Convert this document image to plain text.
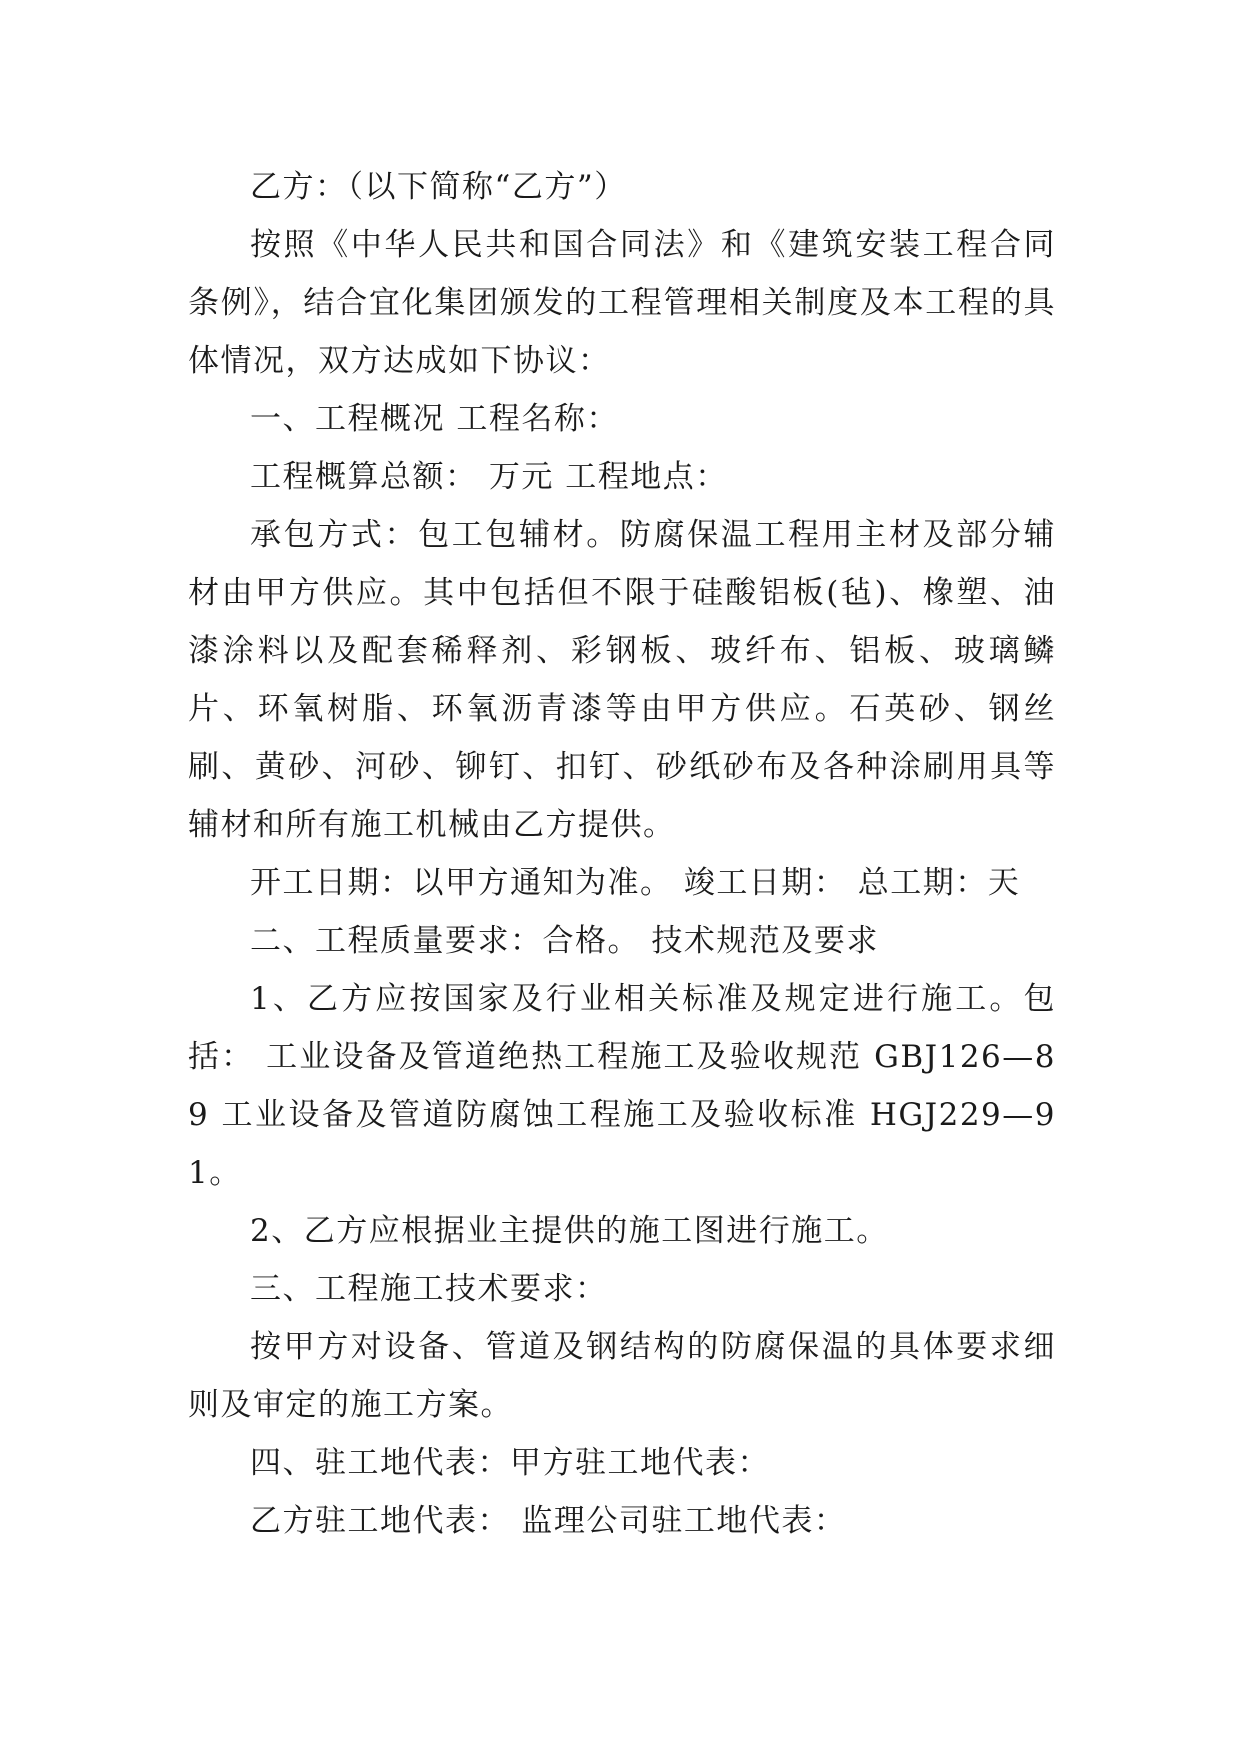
乙方：（以下简称“乙方”）

按照《中华人民共和国合同法》和《建筑安装工程合同条例》，结合宜化集团颁发的工程管理相关制度及本工程的具体情况，双方达成如下协议：

一、工程概况 工程名称：

工程概算总额： 万元 工程地点：

承包方式：包工包辅材。防腐保温工程用主材及部分辅材由甲方供应。其中包括但不限于硅酸铝板(毡)、橡塑、油漆涂料以及配套稀释剂、彩钢板、玻纤布、铝板、玻璃鳞片、环氧树脂、环氧沥青漆等由甲方供应。石英砂、钢丝刷、黄砂、河砂、铆钉、扣钉、砂纸砂布及各种涂刷用具等辅材和所有施工机械由乙方提供。

开工日期：以甲方通知为准。 竣工日期： 总工期：天

二、工程质量要求：合格。 技术规范及要求

1、乙方应按国家及行业相关标准及规定进行施工。包括： 工业设备及管道绝热工程施工及验收规范 GBJ126—89 工业设备及管道防腐蚀工程施工及验收标准 HGJ229—91。

2、乙方应根据业主提供的施工图进行施工。

三、工程施工技术要求：

按甲方对设备、管道及钢结构的防腐保温的具体要求细则及审定的施工方案。

四、驻工地代表：甲方驻工地代表：

乙方驻工地代表： 监理公司驻工地代表：
